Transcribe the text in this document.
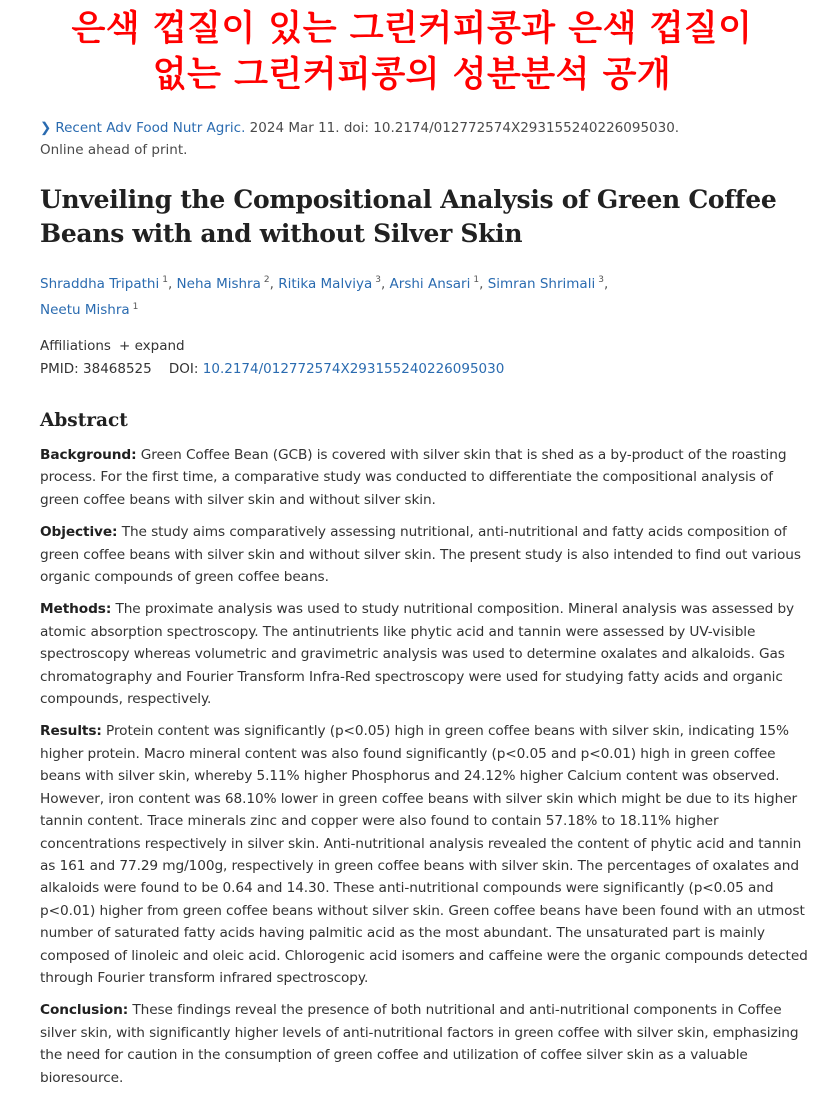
은색 껍질이 있는 그린커피콩과 은색 껍질이
없는 그린커피콩의 성분분석 공개
❯ Recent Adv Food Nutr Agric. 2024 Mar 11. doi: 10.2174/012772574X293155240226095030.
Online ahead of print.
Unveiling the Compositional Analysis of Green Coffee Beans with and without Silver Skin
Shraddha Tripathi $^1$, Neha Mishra $^2$, Ritika Malviya $^3$, Arshi Ansari $^1$, Simran Shrimali $^3$,
Neetu Mishra $^1$
Affiliations + expand
PMID: 38468525 DOI: 10.2174/012772574X293155240226095030
Abstract

Background: Green Coffee Bean (GCB) is covered with silver skin that is shed as a by-product of the roasting process. For the first time, a comparative study was conducted to differentiate the compositional analysis of green coffee beans with silver skin and without silver skin.

Objective: The study aims comparatively assessing nutritional, anti-nutritional and fatty acids composition of green coffee beans with silver skin and without silver skin. The present study is also intended to find out various organic compounds of green coffee beans.

Methods: The proximate analysis was used to study nutritional composition. Mineral analysis was assessed by atomic absorption spectroscopy. The antinutrients like phytic acid and tannin were assessed by UV-visible spectroscopy whereas volumetric and gravimetric analysis was used to determine oxalates and alkaloids. Gas chromatography and Fourier Transform Infra-Red spectroscopy were used for studying fatty acids and organic compounds, respectively.

Results: Protein content was significantly (p<0.05) high in green coffee beans with silver skin, indicating 15% higher protein. Macro mineral content was also found significantly (p<0.05 and p<0.01) high in green coffee beans with silver skin, whereby 5.11% higher Phosphorus and 24.12% higher Calcium content was observed. However, iron content was 68.10% lower in green coffee beans with silver skin which might be due to its higher tannin content. Trace minerals zinc and copper were also found to contain 57.18% to 18.11% higher concentrations respectively in silver skin. Anti-nutritional analysis revealed the content of phytic acid and tannin as 161 and 77.29 mg/100g, respectively in green coffee beans with silver skin. The percentages of oxalates and alkaloids were found to be 0.64 and 14.30. These anti-nutritional compounds were significantly (p<0.05 and p<0.01) higher from green coffee beans without silver skin. Green coffee beans have been found with an utmost number of saturated fatty acids having palmitic acid as the most abundant. The unsaturated part is mainly composed of linoleic and oleic acid. Chlorogenic acid isomers and caffeine were the organic compounds detected through Fourier transform infrared spectroscopy.

Conclusion: These findings reveal the presence of both nutritional and anti-nutritional components in Coffee silver skin, with significantly higher levels of anti-nutritional factors in green coffee with silver skin, emphasizing the need for caution in the consumption of green coffee and utilization of coffee silver skin as a valuable bioresource.
